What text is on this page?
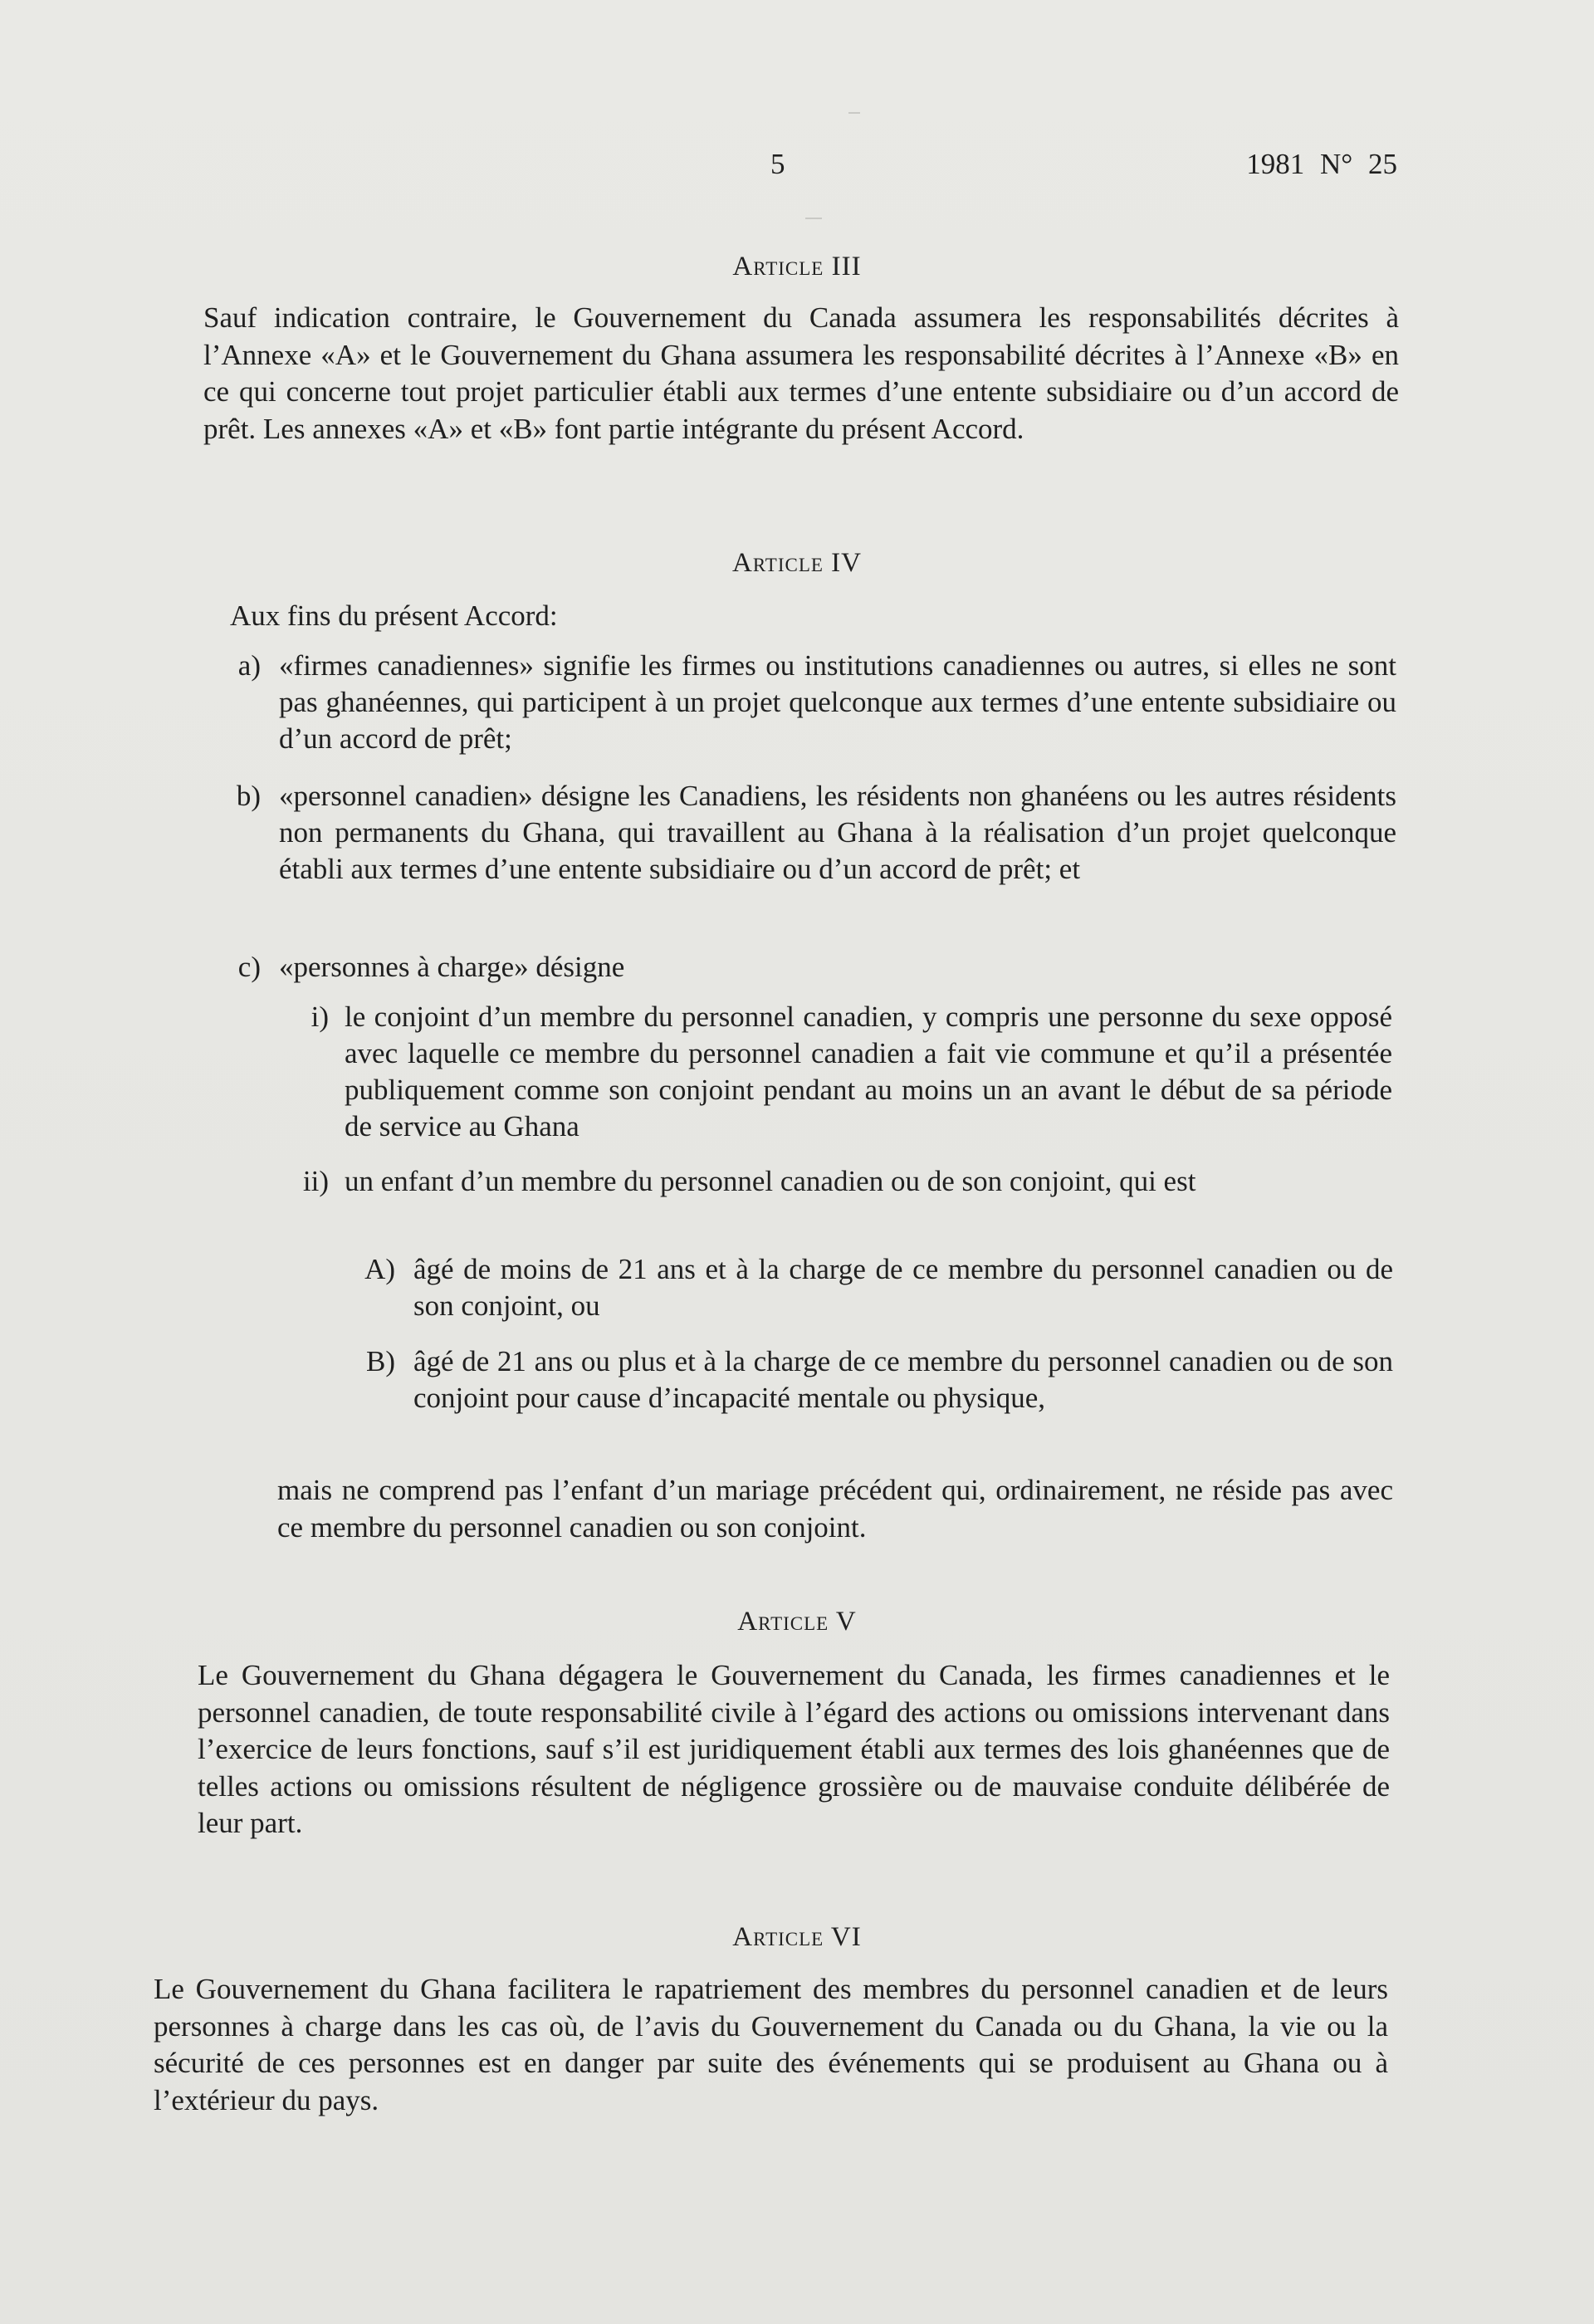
5	1981 N° 25
Article III
Sauf indication contraire, le Gouvernement du Canada assumera les responsabilités décrites à l’Annexe «A» et le Gouvernement du Ghana assumera les responsabilité décrites à l’Annexe «B» en ce qui concerne tout projet particulier établi aux termes d’une entente subsidiaire ou d’un accord de prêt. Les annexes «A» et «B» font partie intégrante du présent Accord.
Article IV
Aux fins du présent Accord:
a) «firmes canadiennes» signifie les firmes ou institutions canadiennes ou autres, si elles ne sont pas ghanéennes, qui participent à un projet quelconque aux termes d’une entente subsidiaire ou d’un accord de prêt;
b) «personnel canadien» désigne les Canadiens, les résidents non ghanéens ou les autres résidents non permanents du Ghana, qui travaillent au Ghana à la réalisation d’un projet quelconque établi aux termes d’une entente subsidiaire ou d’un accord de prêt; et
c) «personnes à charge» désigne
i) le conjoint d’un membre du personnel canadien, y compris une personne du sexe opposé avec laquelle ce membre du personnel canadien a fait vie commune et qu’il a présentée publiquement comme son conjoint pendant au moins un an avant le début de sa période de service au Ghana
ii) un enfant d’un membre du personnel canadien ou de son conjoint, qui est
A) âgé de moins de 21 ans et à la charge de ce membre du personnel canadien ou de son conjoint, ou
B) âgé de 21 ans ou plus et à la charge de ce membre du personnel canadien ou de son conjoint pour cause d’incapacité mentale ou physique,
mais ne comprend pas l’enfant d’un mariage précédent qui, ordinairement, ne réside pas avec ce membre du personnel canadien ou son conjoint.
Article V
Le Gouvernement du Ghana dégagera le Gouvernement du Canada, les firmes canadiennes et le personnel canadien, de toute responsabilité civile à l’égard des actions ou omissions intervenant dans l’exercice de leurs fonctions, sauf s’il est juridiquement établi aux termes des lois ghanéennes que de telles actions ou omissions résultent de négligence grossière ou de mauvaise conduite délibérée de leur part.
Article VI
Le Gouvernement du Ghana facilitera le rapatriement des membres du personnel canadien et de leurs personnes à charge dans les cas où, de l’avis du Gouvernement du Canada ou du Ghana, la vie ou la sécurité de ces personnes est en danger par suite des événements qui se produisent au Ghana ou à l’extérieur du pays.
